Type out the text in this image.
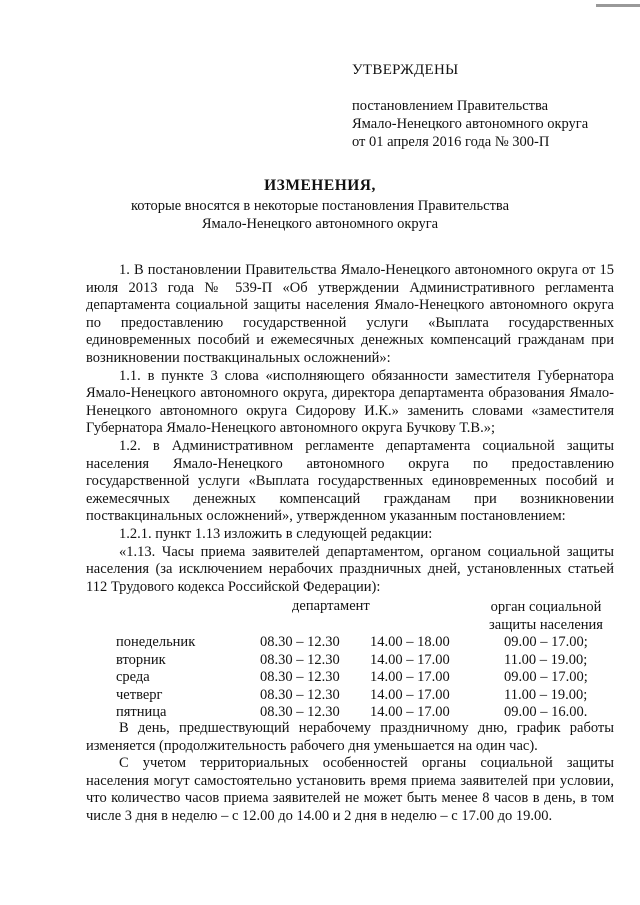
УТВЕРЖДЕНЫ
постановлением Правительства
Ямало-Ненецкого автономного округа
от 01 апреля 2016 года № 300-П
ИЗМЕНЕНИЯ,
которые вносятся в некоторые постановления Правительства
Ямало-Ненецкого автономного округа

1. В постановлении Правительства Ямало-Ненецкого автономного округа от 15 июля 2013 года № 539-П «Об утверждении Административного регламента департамента социальной защиты населения Ямало-Ненецкого автономного округа по предоставлению государственной услуги «Выплата государственных единовременных пособий и ежемесячных денежных компенсаций гражданам при возникновении поствакцинальных осложнений»:

1.1. в пункте 3 слова «исполняющего обязанности заместителя Губернатора Ямало-Ненецкого автономного округа, директора департамента образования Ямало-Ненецкого автономного округа Сидорову И.К.» заменить словами «заместителя Губернатора Ямало-Ненецкого автономного округа Бучкову Т.В.»;

1.2. в Административном регламенте департамента социальной защиты населения Ямало-Ненецкого автономного округа по предоставлению государственной услуги «Выплата государственных единовременных пособий и ежемесячных денежных компенсаций гражданам при возникновении поствакцинальных осложнений», утвержденном указанным постановлением:

1.2.1. пункт 1.13 изложить в следующей редакции:

«1.13. Часы приема заявителей департаментом, органом социальной защиты населения (за исключением нерабочих праздничных дней, установленных статьей 112 Трудового кодекса Российской Федерации):

департамент	орган социальной
защиты населения
понедельник	08.30 – 12.30 14.00 – 18.00	09.00 – 17.00;
вторник	08.30 – 12.30 14.00 – 17.00	11.00 – 19.00;
среда	08.30 – 12.30 14.00 – 17.00	09.00 – 17.00;
четверг	08.30 – 12.30 14.00 – 17.00	11.00 – 19.00;
пятница	08.30 – 12.30 14.00 – 17.00	09.00 – 16.00.

В день, предшествующий нерабочему праздничному дню, график работы изменяется (продолжительность рабочего дня уменьшается на один час).

С учетом территориальных особенностей органы социальной защиты населения могут самостоятельно установить время приема заявителей при условии, что количество часов приема заявителей не может быть менее 8 часов в день, в том числе 3 дня в неделю – с 12.00 до 14.00 и 2 дня в неделю – с 17.00 до 19.00.
